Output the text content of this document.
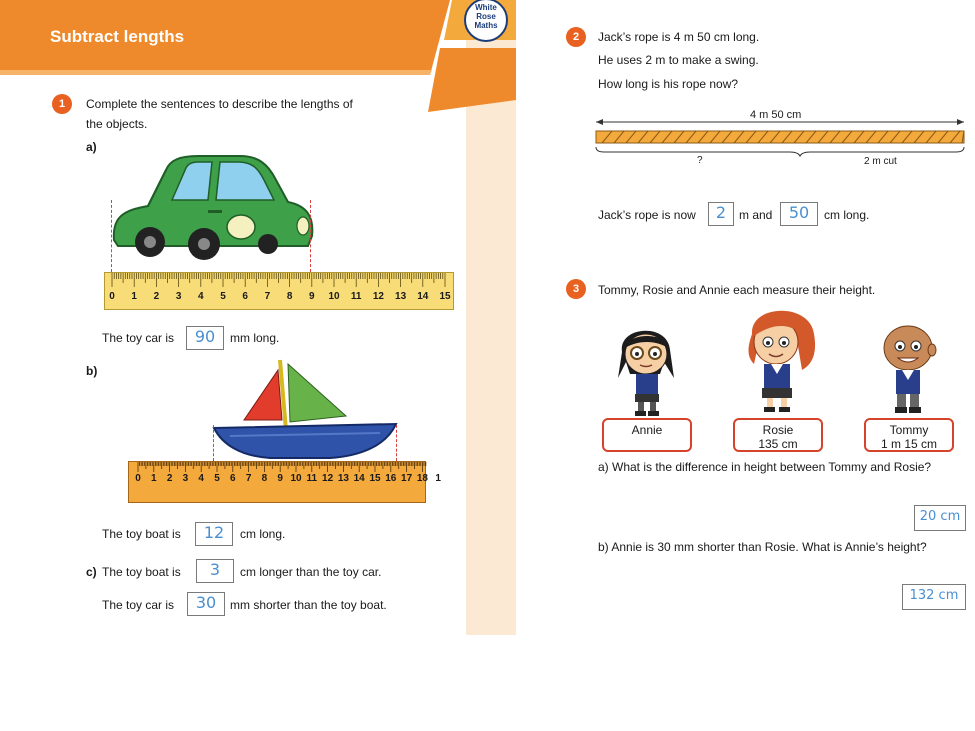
Subtract lengths
White
Rose
Maths
1	Complete the sentences to describe the lengths of
the objects.
a)
0	1	2	3	4	5	6	7	8	9	10 11 12 13 14 15
The toy car is	90	mm long.
b)
0	1	2	3	4	5	6	7	8	9 10 11 12 13 14 15 16 17 18 1
The toy boat is	12	cm long.
c) The toy boat is	3	cm longer than the toy car.
The toy car is	30	mm shorter than the toy boat.
2	Jack’s rope is 4 m 50 cm long.
He uses 2 m to make a swing.
How long is his rope now?
4 m 50 cm
?	2 m cut
Jack’s rope is now	2	m and	50	cm long.
3	Tommy, Rosie and Annie each measure their height.
Annie	Rosie
135 cm
Tommy
1 m 15 cm
a) What is the difference in height between Tommy and Rosie?
20 cm
b) Annie is 30 mm shorter than Rosie. What is Annie’s height?
132 cm
